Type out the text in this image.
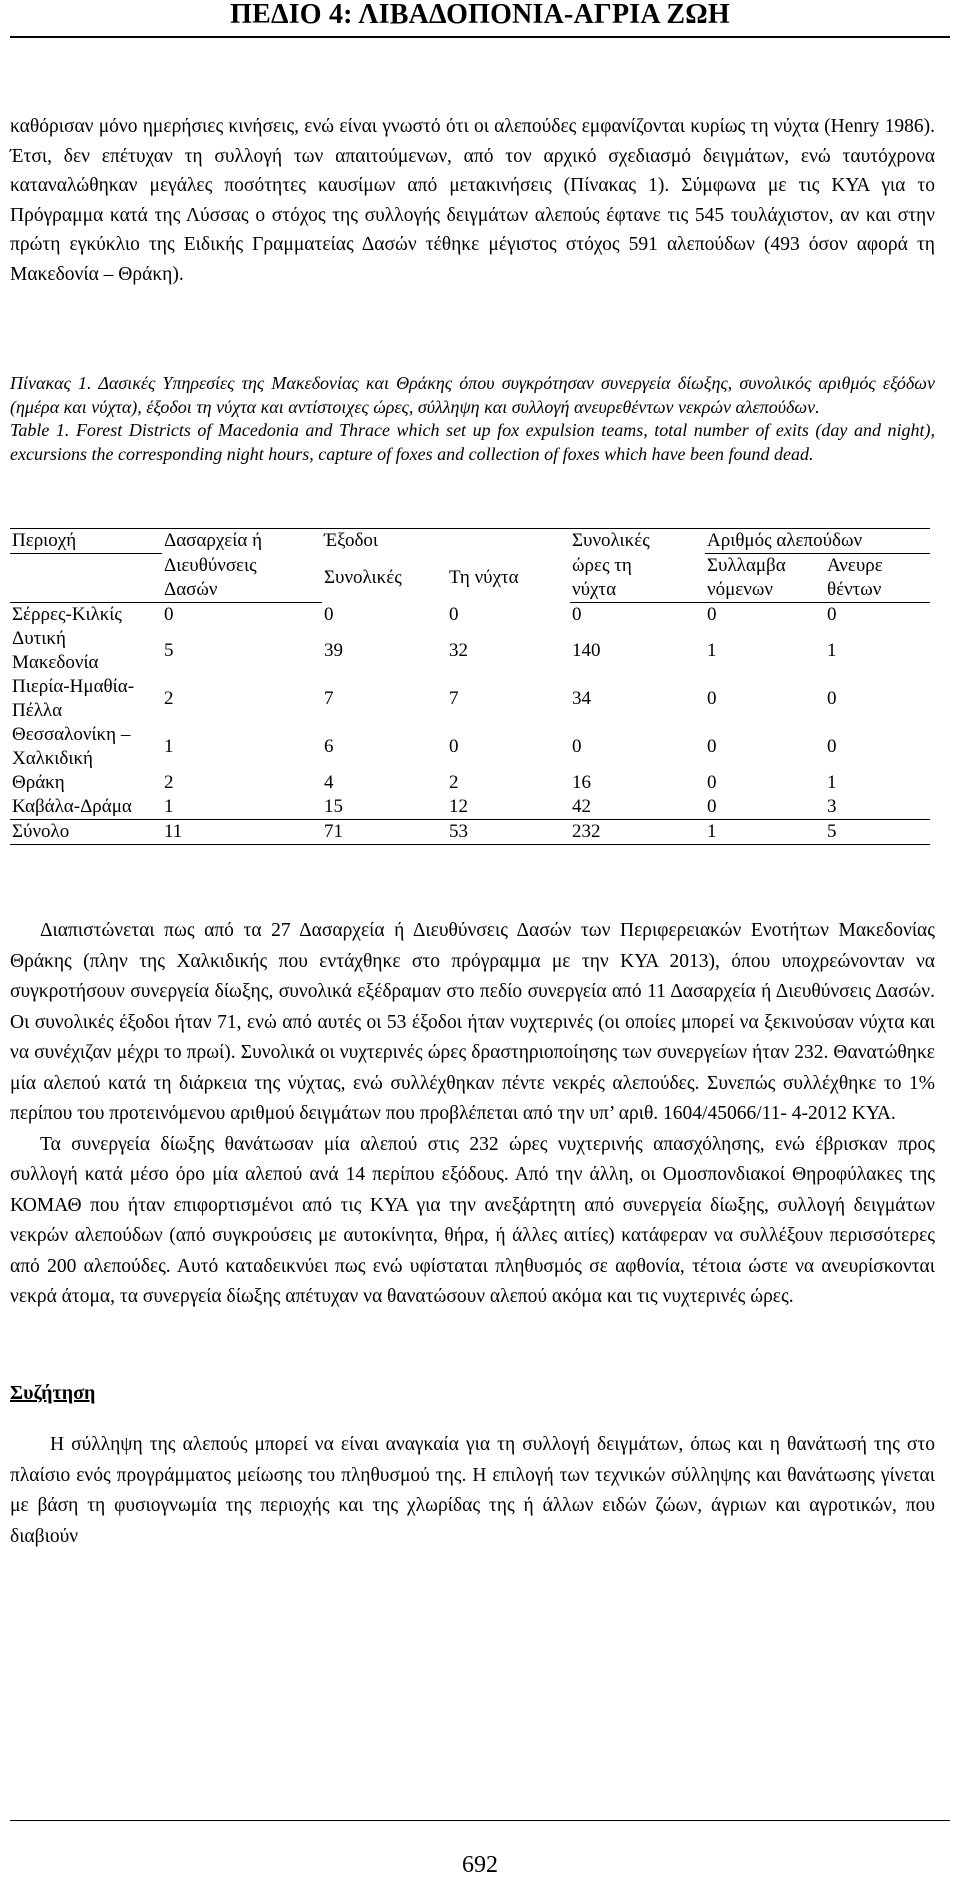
ΠΕΔΙΟ 4: ΛΙΒΑΔΟΠΟΝΙΑ-ΑΓΡΙΑ ΖΩΗ
καθόρισαν μόνο ημερήσιες κινήσεις, ενώ είναι γνωστό ότι οι αλεπούδες εμφανίζονται κυρίως τη νύχτα (Henry 1986). Έτσι, δεν επέτυχαν τη συλλογή των απαιτούμενων, από τον αρχικό σχεδιασμό δειγμάτων, ενώ ταυτόχρονα καταναλώθηκαν μεγάλες ποσότητες καυσίμων από μετακινήσεις (Πίνακας 1). Σύμφωνα με τις ΚΥΑ για το Πρόγραμμα κατά της Λύσσας ο στόχος της συλλογής δειγμάτων αλεπούς έφτανε τις 545 τουλάχιστον, αν και στην πρώτη εγκύκλιο της Ειδικής Γραμματείας Δασών τέθηκε μέγιστος στόχος 591 αλεπούδων (493 όσον αφορά τη Μακεδονία – Θράκη).

Πίνακας 1. Δασικές Υπηρεσίες της Μακεδονίας και Θράκης όπου συγκρότησαν συνεργεία δίωξης, συνολικός αριθμός εξόδων (ημέρα και νύχτα), έξοδοι τη νύχτα και αντίστοιχες ώρες, σύλληψη και συλλογή ανευρεθέντων νεκρών αλεπούδων.

Table 1. Forest Districts of Macedonia and Thrace which set up fox expulsion teams, total number of exits (day and night), excursions the corresponding night hours, capture of foxes and collection of foxes which have been found dead.

Περιοχή	Δασαρχεία ή	Έξοδοι		Συνολικές	Αριθμός αλεπούδων	
	Διευθύνσεις	Συνολικές	Τη νύχτα	ώρες τη	Συλλαμβα	Ανευρε
	Δασών			νύχτα	νόμενων	θέντων
Σέρρες-Κιλκίς	0	0	0	0	0	0

Δυτική
Μακεδονία	5	39	32	140	1	1

Πιερία-Ημαθία-
Πέλλα	2	7	7	34	0	0

Θεσσαλονίκη –
Χαλκιδική	1	6	0	0	0	0
Θράκη	2	4	2	16	0	1
Καβάλα-Δράμα	1	15	12	42	0	3
Σύνολο	11	71	53	232	1	5

Διαπιστώνεται πως από τα 27 Δασαρχεία ή Διευθύνσεις Δασών των Περιφερειακών Ενοτήτων Μακεδονίας Θράκης (πλην της Χαλκιδικής που εντάχθηκε στο πρόγραμμα με την ΚΥΑ 2013), όπου υποχρεώνονταν να συγκροτήσουν συνεργεία δίωξης, συνολικά εξέδραμαν στο πεδίο συνεργεία από 11 Δασαρχεία ή Διευθύνσεις Δασών. Οι συνολικές έξοδοι ήταν 71, ενώ από αυτές οι 53 έξοδοι ήταν νυχτερινές (οι οποίες μπορεί να ξεκινούσαν νύχτα και να συνέχιζαν μέχρι το πρωί). Συνολικά οι νυχτερινές ώρες δραστηριοποίησης των συνεργείων ήταν 232. Θανατώθηκε μία αλεπού κατά τη διάρκεια της νύχτας, ενώ συλλέχθηκαν πέντε νεκρές αλεπούδες. Συνεπώς συλλέχθηκε το 1% περίπου του προτεινόμενου αριθμού δειγμάτων που προβλέπεται από την υπ’ αριθ. 1604/45066/11- 4-2012 ΚΥΑ.

Τα συνεργεία δίωξης θανάτωσαν μία αλεπού στις 232 ώρες νυχτερινής απασχόλησης, ενώ έβρισκαν προς συλλογή κατά μέσο όρο μία αλεπού ανά 14 περίπου εξόδους. Από την άλλη, οι Ομοσπονδιακοί Θηροφύλακες της ΚΟΜΑΘ που ήταν επιφορτισμένοι από τις ΚΥΑ για την ανεξάρτητη από συνεργεία δίωξης, συλλογή δειγμάτων νεκρών αλεπούδων (από συγκρούσεις με αυτοκίνητα, θήρα, ή άλλες αιτίες) κατάφεραν να συλλέξουν περισσότερες από 200 αλεπούδες. Αυτό καταδεικνύει πως ενώ υφίσταται πληθυσμός σε αφθονία, τέτοια ώστε να ανευρίσκονται νεκρά άτομα, τα συνεργεία δίωξης απέτυχαν να θανατώσουν αλεπού ακόμα και τις νυχτερινές ώρες.

Συζήτηση
Η σύλληψη της αλεπούς μπορεί να είναι αναγκαία για τη συλλογή δειγμάτων, όπως και η θανάτωσή της στο πλαίσιο ενός προγράμματος μείωσης του πληθυσμού της. Η επιλογή των τεχνικών σύλληψης και θανάτωσης γίνεται με βάση τη φυσιογνωμία της περιοχής και της χλωρίδας της ή άλλων ειδών ζώων, άγριων και αγροτικών, που διαβιούν
692
